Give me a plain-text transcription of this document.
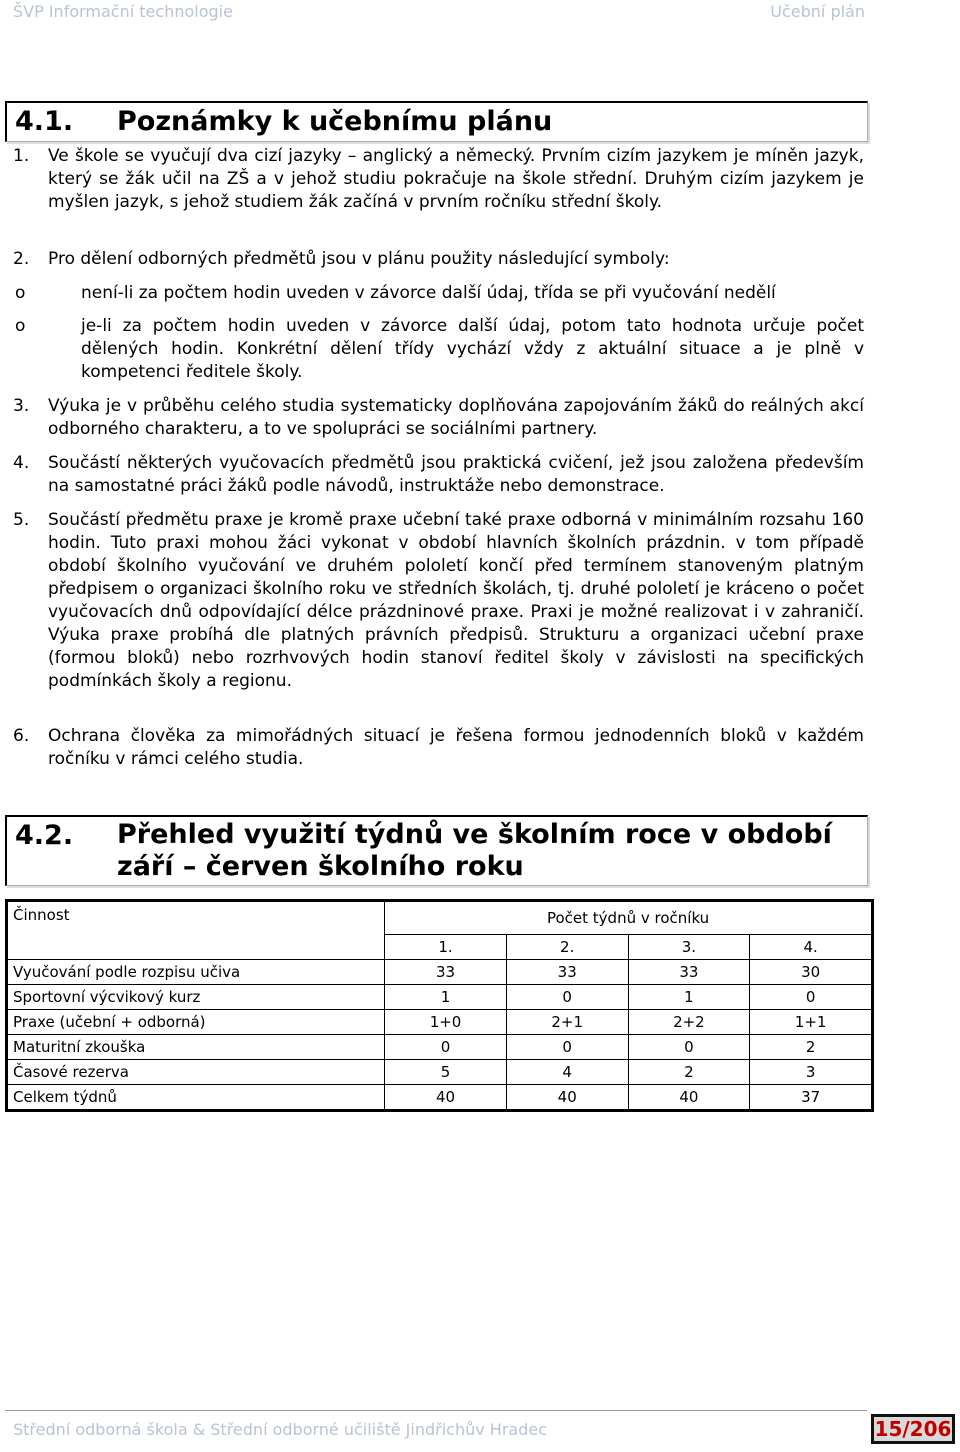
ŠVP Informační technologie	Učební plán
4.1. Poznámky k učebnímu plánu
1. Ve škole se vyučují dva cizí jazyky – anglický a německý. Prvním cizím jazykem je míněn jazyk, který se žák učil na ZŠ a v jehož studiu pokračuje na škole střední. Druhým cizím jazykem je myšlen jazyk, s jehož studiem žák začíná v prvním ročníku střední školy.
2. Pro dělení odborných předmětů jsou v plánu použity následující symboly:
o	není-li za počtem hodin uveden v závorce další údaj, třída se při vyučování nedělí
o	je-li za počtem hodin uveden v závorce další údaj, potom tato hodnota určuje počet dělených hodin. Konkrétní dělení třídy vychází vždy z aktuální situace a je plně v kompetenci ředitele školy.
3. Výuka je v průběhu celého studia systematicky doplňována zapojováním žáků do reálných akcí odborného charakteru, a to ve spolupráci se sociálními partnery.
4. Součástí některých vyučovacích předmětů jsou praktická cvičení, jež jsou založena především na samostatné práci žáků podle návodů, instruktáže nebo demonstrace.
5. Součástí předmětu praxe je kromě praxe učební také praxe odborná v minimálním rozsahu 160 hodin. Tuto praxi mohou žáci vykonat v období hlavních školních prázdnin. v tom případě období školního vyučování ve druhém pololetí končí před termínem stanoveným platným předpisem o organizaci školního roku ve středních školách, tj. druhé pololetí je kráceno o počet vyučovacích dnů odpovídající délce prázdninové praxe. Praxi je možné realizovat i v zahraničí. Výuka praxe probíhá dle platných právních předpisů. Strukturu a organizaci učební praxe (formou bloků) nebo rozrhvových hodin stanoví ředitel školy v závislosti na specifických podmínkách školy a regionu.
6. Ochrana člověka za mimořádných situací je řešena formou jednodenních bloků v každém ročníku v rámci celého studia.
4.2. Přehled využití týdnů ve školním roce v období září – červen školního roku
Činnost	Počet týdnů v ročníku			
	1.	2.	3.	4.
Vyučování podle rozpisu učiva	33	33	33	30
Sportovní výcvikový kurz	1	0	1	0
Praxe (učební + odborná)	1+0	2+1	2+2	1+1
Maturitní zkouška	0	0	0	2
Časové rezerva	5	4	2	3
Celkem týdnů	40	40	40	37
Střední odborná škola & Střední odborné učiliště Jindřichův Hradec	15/206
